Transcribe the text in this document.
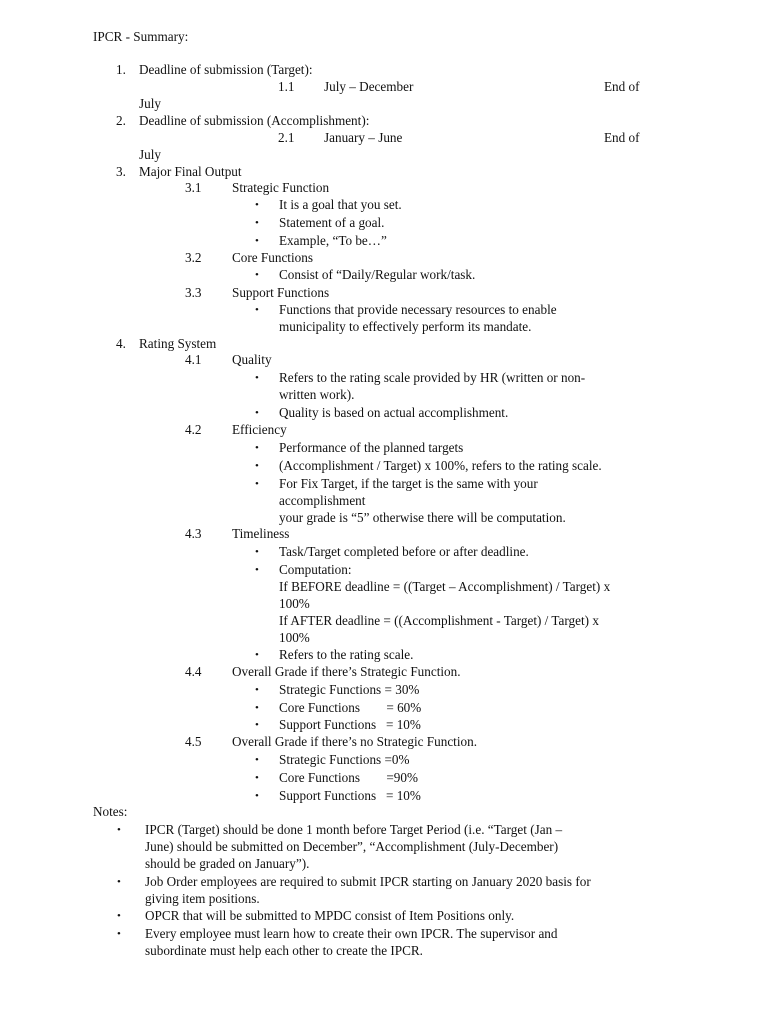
IPCR - Summary:
1. Deadline of submission (Target):
1.1 July – December	End of
July
2. Deadline of submission (Accomplishment):
2.1 January – June	End of
July
3. Major Final Output
3.1 Strategic Function
• It is a goal that you set.
• Statement of a goal.
• Example, “To be…”
3.2 Core Functions
• Consist of “Daily/Regular work/task.
3.3 Support Functions
• Functions that provide necessary resources to enable
municipality to effectively perform its mandate.
4. Rating System
4.1 Quality
• Refers to the rating scale provided by HR (written or non-
written work).
• Quality is based on actual accomplishment.
4.2 Efficiency
• Performance of the planned targets
• (Accomplishment / Target) x 100%, refers to the rating scale.
• For Fix Target, if the target is the same with your
accomplishment
your grade is “5” otherwise there will be computation.
4.3 Timeliness
• Task/Target completed before or after deadline.
• Computation:
If BEFORE deadline = ((Target – Accomplishment) / Target) x
100%
If AFTER deadline = ((Accomplishment - Target) / Target) x
100%
• Refers to the rating scale.
4.4 Overall Grade if there’s Strategic Function.
• Strategic Functions = 30%
• Core Functions        = 60%
• Support Functions   = 10%
4.5 Overall Grade if there’s no Strategic Function.
• Strategic Functions =0%
• Core Functions        =90%
• Support Functions   = 10%
Notes:
• IPCR (Target) should be done 1 month before Target Period (i.e. “Target (Jan –
June) should be submitted on December”, “Accomplishment (July-December)
should be graded on January”).
• Job Order employees are required to submit IPCR starting on January 2020 basis for
giving item positions.
• OPCR that will be submitted to MPDC consist of Item Positions only.
• Every employee must learn how to create their own IPCR. The supervisor and
subordinate must help each other to create the IPCR.
